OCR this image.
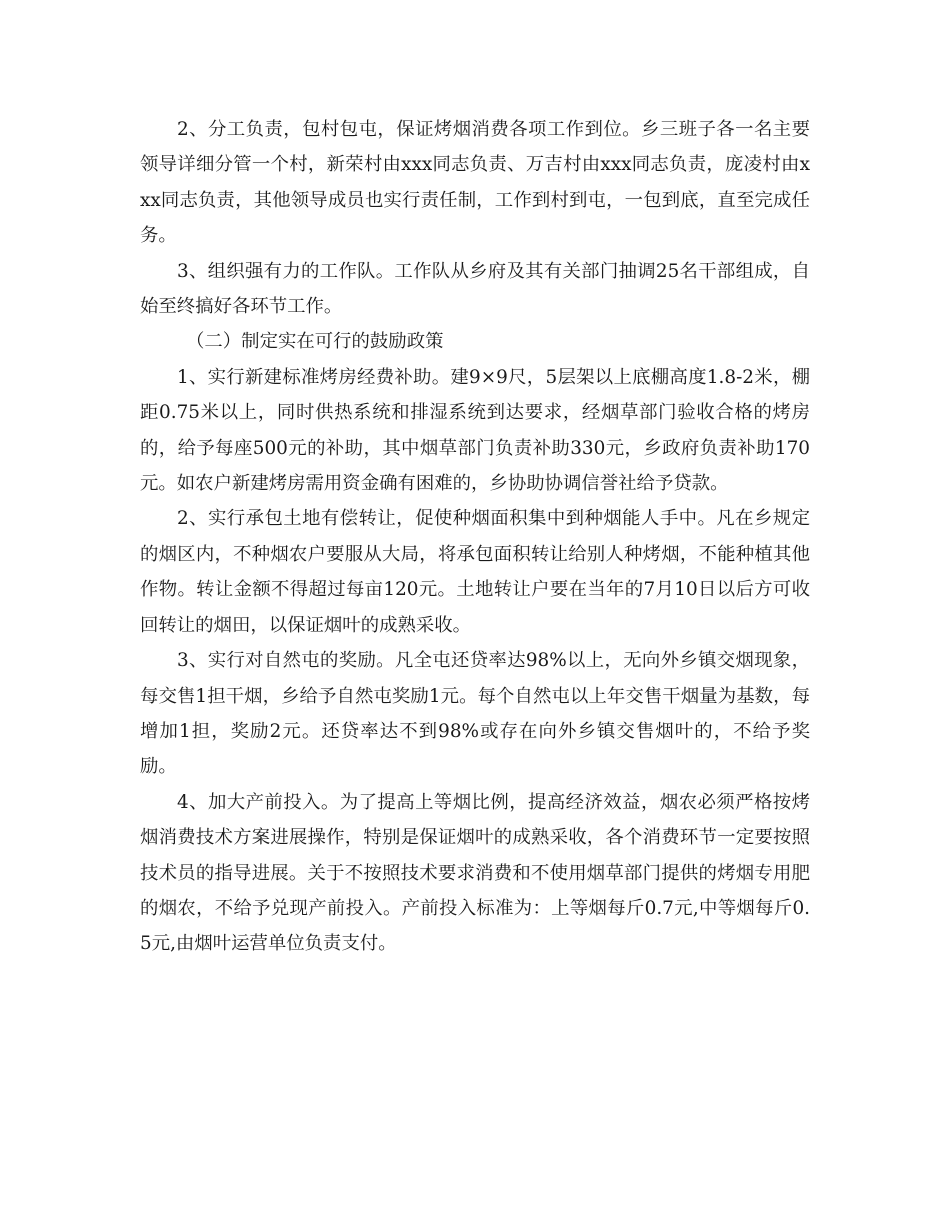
2、分工负责，包村包屯，保证烤烟消费各项工作到位。乡三班子各一名主要领导详细分管一个村，新荣村由xxx同志负责、万吉村由xxx同志负责，庞凌村由xxx同志负责，其他领导成员也实行责任制，工作到村到屯，一包到底，直至完成任务。

3、组织强有力的工作队。工作队从乡府及其有关部门抽调25名干部组成，自始至终搞好各环节工作。

（二）制定实在可行的鼓励政策

1、实行新建标准烤房经费补助。建9×9尺，5层架以上底棚高度1.8-2米，棚距0.75米以上，同时供热系统和排湿系统到达要求，经烟草部门验收合格的烤房的，给予每座500元的补助，其中烟草部门负责补助330元，乡政府负责补助170元。如农户新建烤房需用资金确有困难的，乡协助协调信誉社给予贷款。

2、实行承包土地有偿转让，促使种烟面积集中到种烟能人手中。凡在乡规定的烟区内，不种烟农户要服从大局，将承包面积转让给别人种烤烟，不能种植其他作物。转让金额不得超过每亩120元。土地转让户要在当年的7月10日以后方可收回转让的烟田，以保证烟叶的成熟采收。

3、实行对自然屯的奖励。凡全屯还贷率达98%以上，无向外乡镇交烟现象，每交售1担干烟，乡给予自然屯奖励1元。每个自然屯以上年交售干烟量为基数，每增加1担，奖励2元。还贷率达不到98%或存在向外乡镇交售烟叶的，不给予奖励。

4、加大产前投入。为了提高上等烟比例，提高经济效益，烟农必须严格按烤烟消费技术方案进展操作，特别是保证烟叶的成熟采收，各个消费环节一定要按照技术员的指导进展。关于不按照技术要求消费和不使用烟草部门提供的烤烟专用肥的烟农，不给予兑现产前投入。产前投入标准为：上等烟每斤0.7元,中等烟每斤0.5元,由烟叶运营单位负责支付。
